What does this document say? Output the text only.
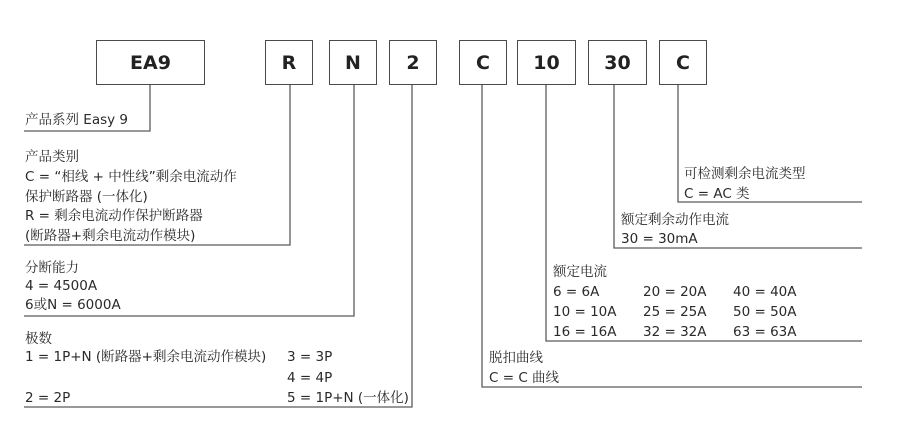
EA9	R	N 2	C 10 30 C
产品系列 Easy 9
产品类别
C = “相线 + 中性线”剩余电流动作
保护断路器 (一体化)
R = 剩余电流动作保护断路器
(断路器+剩余电流动作模块)
分断能力
4 = 4500A
6或N = 6000A
极数
1 = 1P+N (断路器+剩余电流动作模块)
2 = 2P
3 = 3P
4 = 4P
5 = 1P+N (一体化)
脱扣曲线
C = C 曲线
额定电流
6 = 6A	20 = 20A 40 = 40A
10 = 10A 25 = 25A 50 = 50A
16 = 16A 32 = 32A 63 = 63A
额定剩余动作电流
30 = 30mA
可检测剩余电流类型
C = AC 类
